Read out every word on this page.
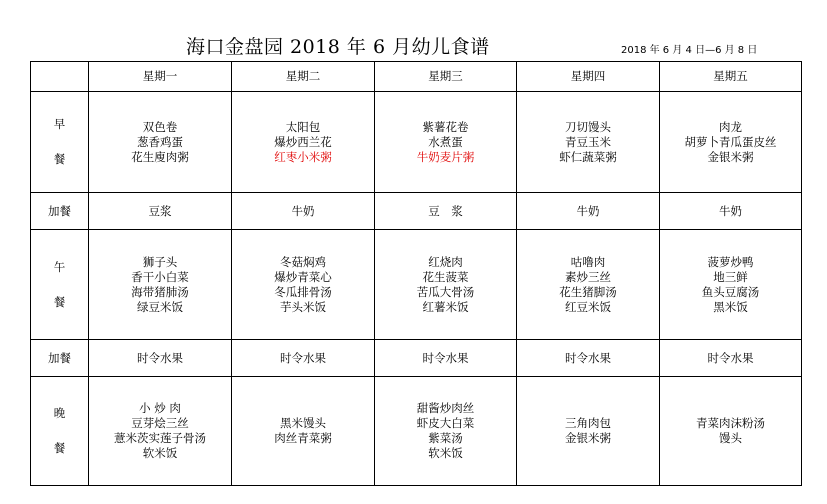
海口金盘园 2018 年 6 月幼儿食谱	2018 年 6 月 4 日—6 月 8 日
	星期一	星期二	星期三	星期四	星期五

早
餐	双色卷
葱香鸡蛋
花生廋肉粥	太阳包
爆炒西兰花
红枣小米粥	紫薯花卷
水煮蛋
牛奶麦片粥	刀切馒头
青豆玉米
虾仁蔬菜粥	肉龙
胡萝卜青瓜蛋皮丝
金银米粥

加餐	豆浆	牛奶	豆　浆	牛奶	牛奶

午
餐	狮子头
香干小白菜
海带猪肺汤
绿豆米饭	冬菇焖鸡
爆炒青菜心
冬瓜排骨汤
芋头米饭	红烧肉
花生菠菜
苦瓜大骨汤
红薯米饭	咕噜肉
素炒三丝
花生猪脚汤
红豆米饭	菠萝炒鸭
地三鲜
鱼头豆腐汤
黑米饭

加餐	时令水果	时令水果	时令水果	时令水果	时令水果

晚
餐	小 炒 肉
豆芽烩三丝
薏米茨实莲子骨汤
软米饭	黑米馒头
肉丝青菜粥	甜酱炒肉丝
虾皮大白菜
紫菜汤
软米饭	三角肉包
金银米粥	青菜肉沫粉汤
馒头
